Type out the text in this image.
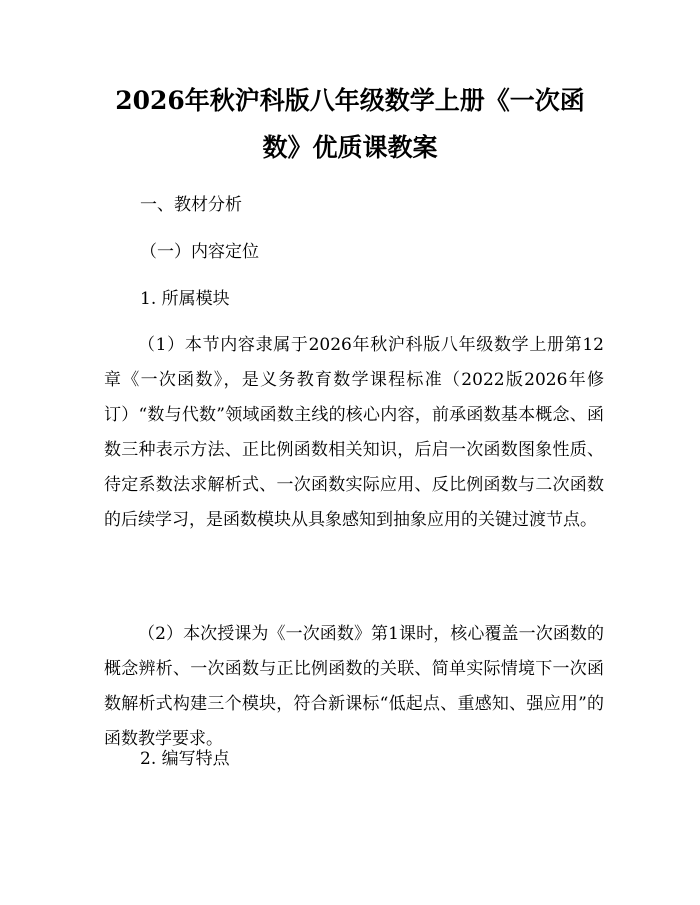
2026年秋沪科版八年级数学上册《一次函
数》优质课教案
一、教材分析
（一）内容定位
1. 所属模块
（1）本节内容隶属于2026年秋沪科版八年级数学上册第12章《一次函数》，是义务教育数学课程标准（2022版2026年修订）“数与代数”领域函数主线的核心内容，前承函数基本概念、函数三种表示方法、正比例函数相关知识，后启一次函数图象性质、待定系数法求解析式、一次函数实际应用、反比例函数与二次函数的后续学习，是函数模块从具象感知到抽象应用的关键过渡节点。
（2）本次授课为《一次函数》第1课时，核心覆盖一次函数的概念辨析、一次函数与正比例函数的关联、简单实际情境下一次函数解析式构建三个模块，符合新课标“低起点、重感知、强应用”的函数教学要求。
2. 编写特点
